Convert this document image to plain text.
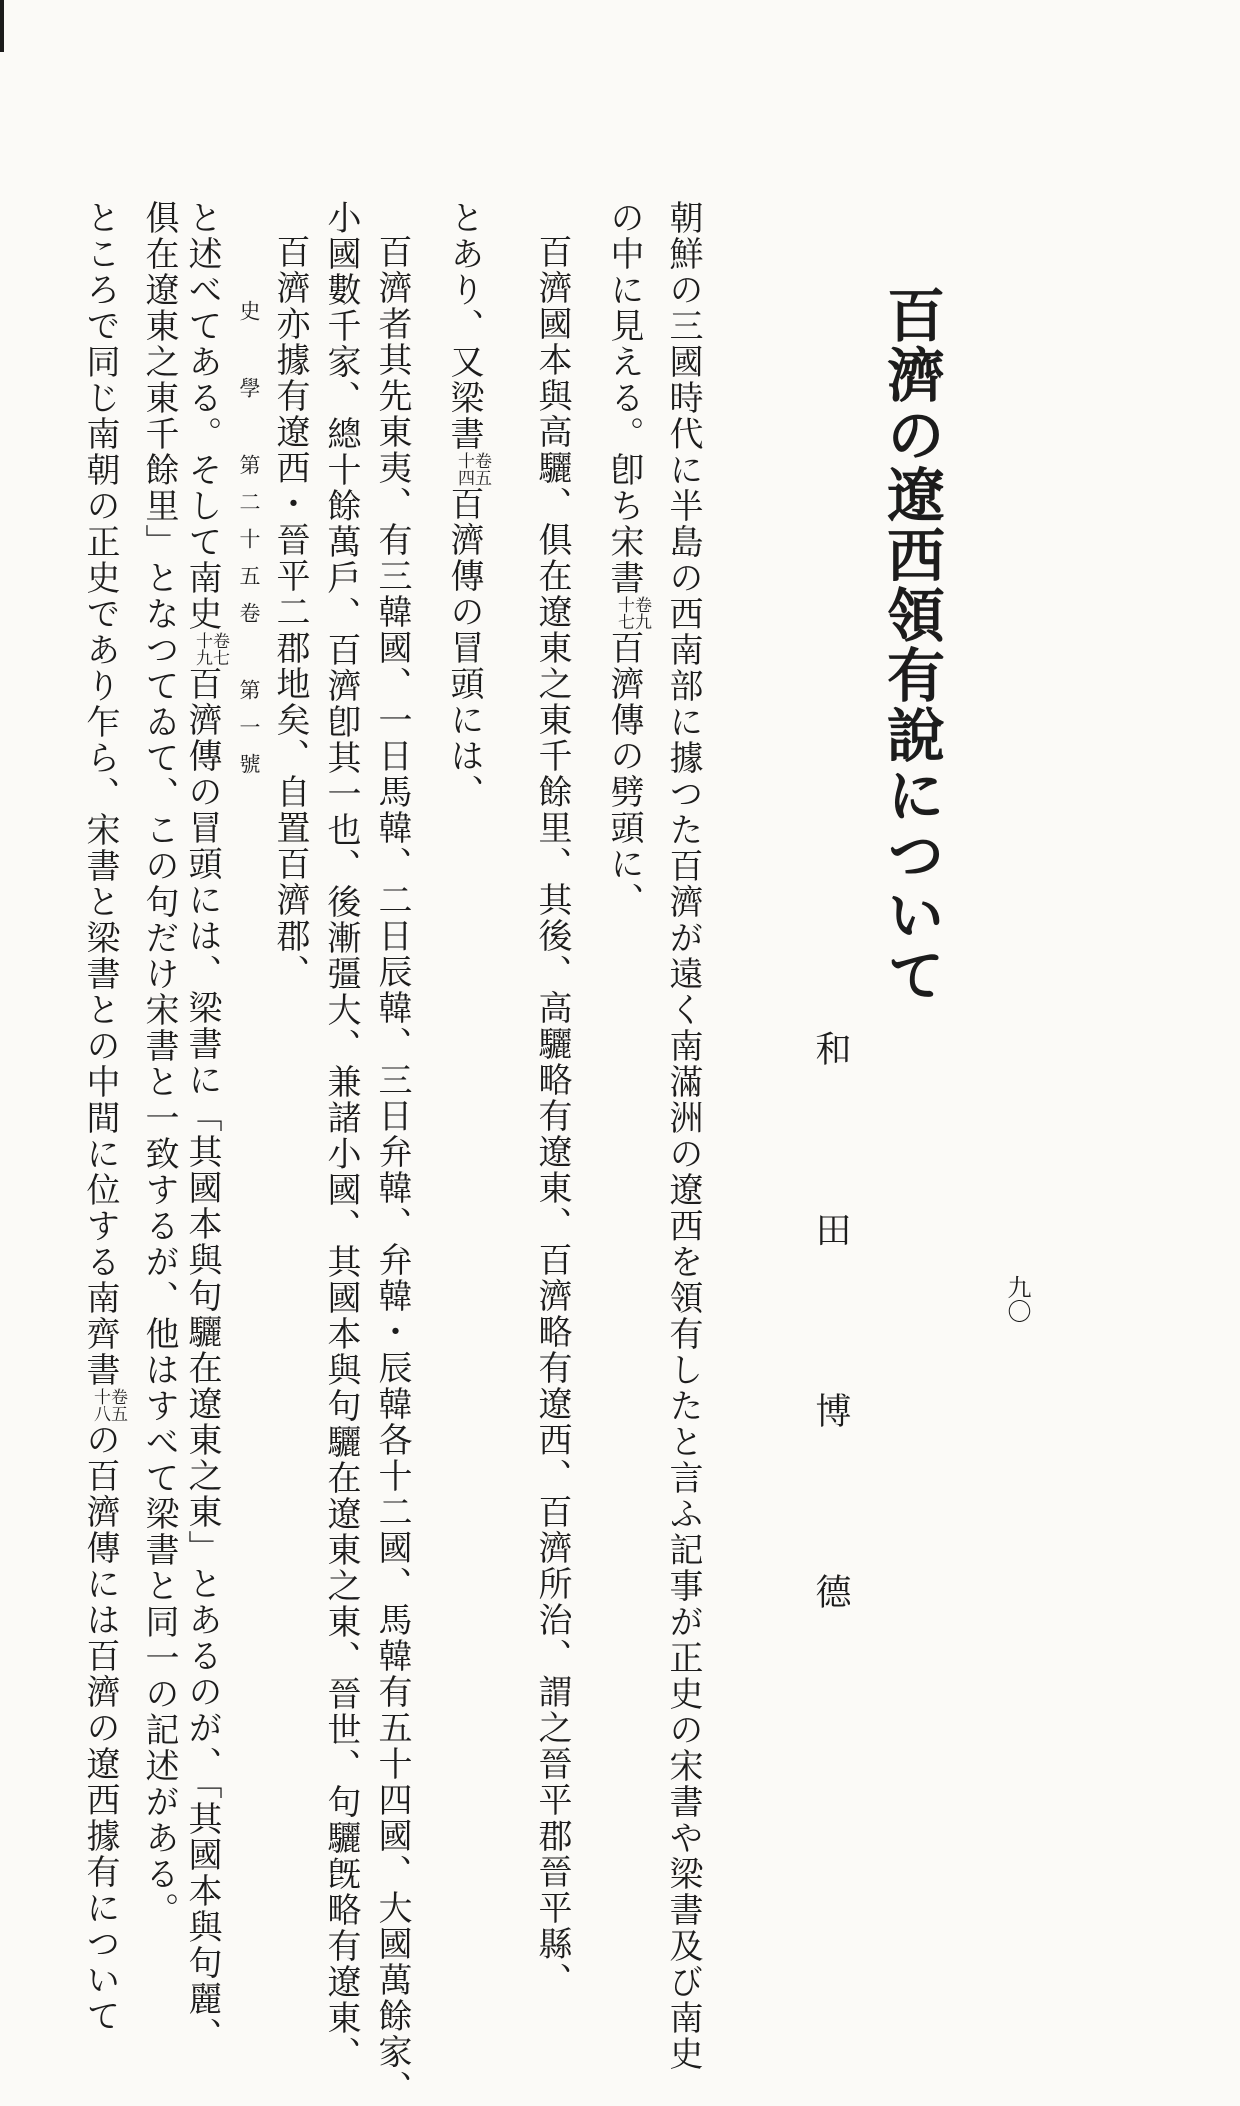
史 學 第二十五卷 第一號
九〇
百濟の遼西領有說について
和 田 博 德
朝鮮の三國時代に半島の西南部に據つた百濟が遠く南滿洲の遼西を領有したと言ふ記事が正史の宋書や梁書及び南史
の中に見える。卽ち宋書
卷九
十七
百濟傳の劈頭に、
百濟國本與高驪、俱在遼東之東千餘里、其後、高驪略有遼東、百濟略有遼西、百濟所治、謂之晉平郡晉平縣、
とあり、又梁書
卷五
十四
百濟傳の冒頭には、
百濟者其先東夷、有三韓國、一日馬韓、二日辰韓、三日弁韓、弁韓・辰韓各十二國、馬韓有五十四國、大國萬餘家、
小國數千家、總十餘萬戶、百濟卽其一也、後漸彊大、兼諸小國、其國本與句驪在遼東之東、晉世、句驪旣略有遼東、
百濟亦據有遼西・晉平二郡地矣、自置百濟郡、
と述べてある。そして南史
卷七
十九
百濟傳の冒頭には、梁書に「其國本與句驪在遼東之東」とあるのが、「其國本與句麗、
俱在遼東之東千餘里」となつてゐて、この句だけ宋書と一致するが、他はすべて梁書と同一の記述がある。
ところで同じ南朝の正史であり乍ら、宋書と梁書との中間に位する南齊書
卷五
十八
の百濟傳には百濟の遼西據有について
